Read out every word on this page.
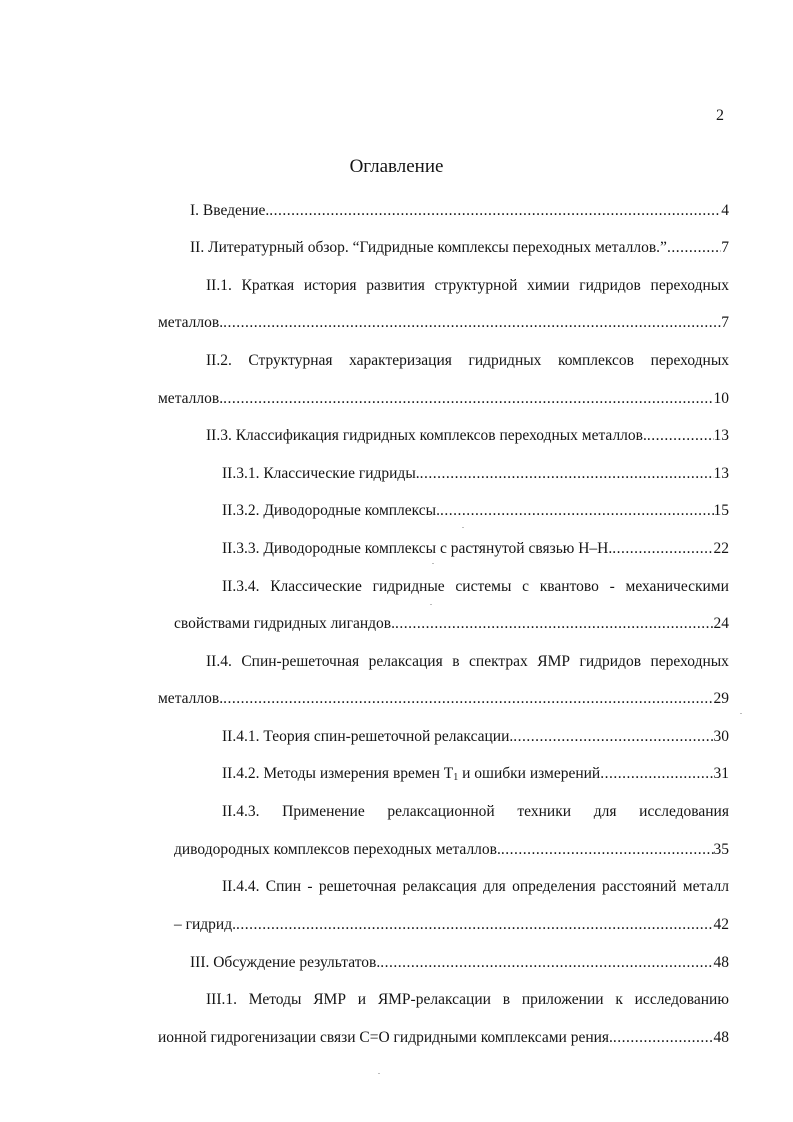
2
Оглавление
I. Введение. .....	4
II. Литературный обзор. “Гидридные комплексы переходных металлов.” .....	7
II.1. Краткая история развития структурной химии гидридов переходных
металлов. .....	7
II.2. Структурная характеризация гидридных комплексов переходных
металлов. .....	10
II.3. Классификация гидридных комплексов переходных металлов. .....	13
II.3.1. Классические гидриды. .....	13
II.3.2. Диводородные комплексы. .....	15
II.3.3. Диводородные комплексы с растянутой связью Н–Н. .....	22
II.3.4. Классические гидридные системы с квантово - механическими
свойствами гидридных лигандов. .....	24
II.4. Спин-решеточная релаксация в спектрах ЯМР гидридов переходных
металлов. .....	29
II.4.1. Теория спин-решеточной релаксации. .....	30
II.4.2. Методы измерения времен $T_1$ и ошибки измерений .....	31
II.4.3. Применение релаксационной техники для исследования
диводородных комплексов переходных металлов. .....	35
II.4.4. Спин - решеточная релаксация для определения расстояний металл
– гидрид. .....	42
III. Обсуждение результатов. .....	48
III.1. Методы ЯМР и ЯМР-релаксации в приложении к исследованию
ионной гидрогенизации связи С=О гидридными комплексами рения. .....	48
